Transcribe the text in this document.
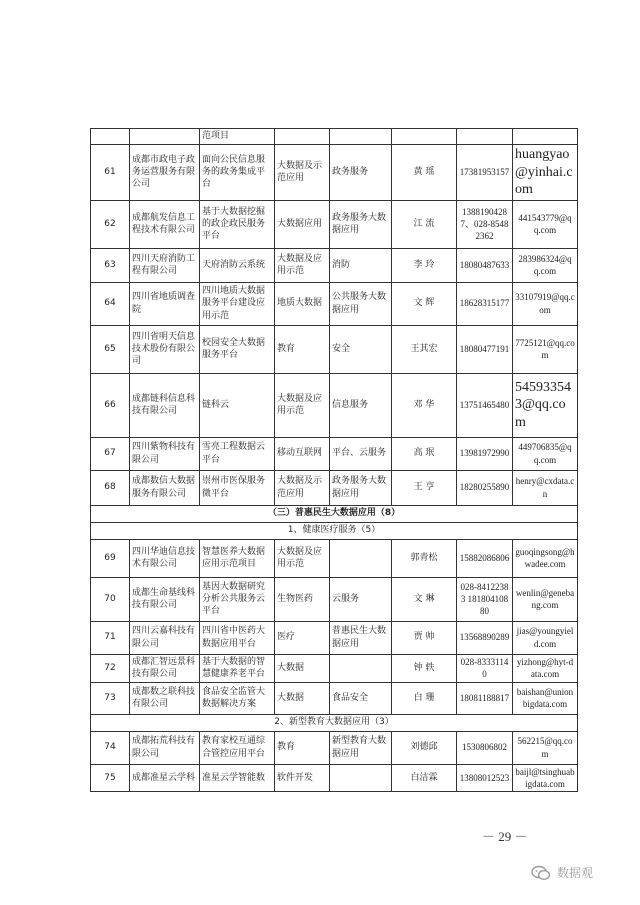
		范项目					
61	成都市政电子政务运营服务有限公司	面向公民信息服务的政务集成平台	大数据及示范应用	政务服务	黄 瑶	17381953157	huangyao@yinhai.com
62	成都航发信息工程技术有限公司	基于大数据挖掘的政企政民服务平台	大数据应用	政务服务大数据应用	江 流	13881904287、028-85482362	441543779@qq.com
63	四川天府消防工程有限公司	天府消防云系统	大数据及应用示范	消防	李 玲	18080487633	283986324@qq.com
64	四川省地质调查院	四川地质大数据服务平台建设应用示范	地质大数据	公共服务大数据应用	文 辉	18628315177	33107919@qq.com
65	四川省明天信息技术股份有限公司	校园安全大数据服务平台	教育	安全	王其宏	18080477191	7725121@qq.com
66	成都链科信息科技有限公司	链科云	大数据及应用示范	信息服务	邓 华	13751465480	545933543@qq.com
67	四川紫物科技有限公司	雪亮工程数据云平台	移动互联网	平台、云服务	高 珉	13981972990	449706835@qq.com
68	成都数信大数据服务有限公司	崇州市医保服务微平台	大数据及示范应用	政务服务大数据应用	王 亨	18280255890	henry@cxdata.cn
（三）普惠民生大数据应用（8）							
1、健康医疗服务（5）							
69	四川华迪信息技术有限公司	智慧医养大数据应用示范项目	大数据及应用示范		郭青松	15882086806	guoqingsong@hwadee.com
70	成都生命基线科技有限公司	基因大数据研究分析公共服务云平台	生物医药	云服务	文 琳	028-84122383 18180410880	wenlin@genebang.com
71	四川云嘉科技有限公司	四川省中医药大数据应用平台	医疗	普惠民生大数据应用	贾 帅	13568890289	jias@youngyield.com
72	成都汇智远景科技有限公司	基于大数据的智慧健康养老平台	大数据		钟 轶	028-83331140	yizhong@hyt-data.com
73	成都数之联科技有限公司	食品安全监管大数据解决方案	大数据	食品安全	白 珊	18081188817	baishan@unionbigdata.com
2、新型教育大数据应用（3）							
74	成都拓荒科技有限公司	教育家校互通综合管控应用平台	教育	新型教育大数据应用	刘德邱	1530806802	562215@qq.com
75	成都准星云学科	准星云学智能数	软件开发		白洁霖	13808012523	baijl@tsinghuabigdata.com
－ 29 －
数据观
